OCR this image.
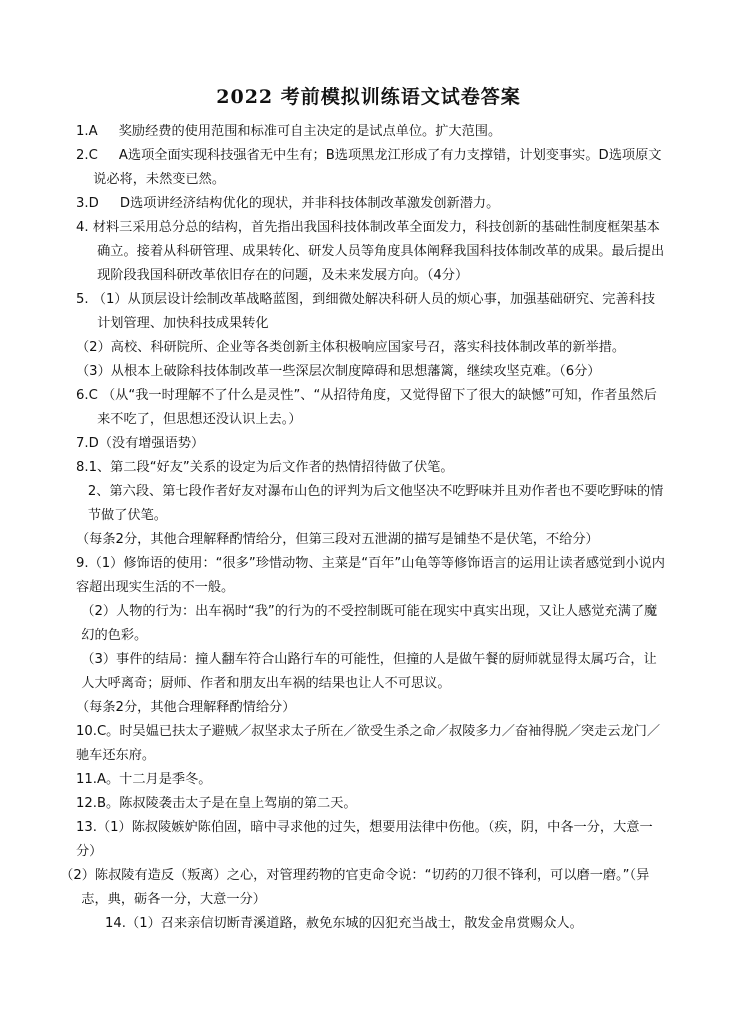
2022 考前模拟训练语文试卷答案

1.A 奖励经费的使用范围和标准可自主决定的是试点单位。扩大范围。

2.C A选项全面实现科技强省无中生有；B选项黑龙江形成了有力支撑错，计划变事实。D选项原文说必将，未然变已然。

3.D D选项讲经济结构优化的现状，并非科技体制改革激发创新潜力。

4. 材料三采用总分总的结构，首先指出我国科技体制改革全面发力，科技创新的基础性制度框架基本确立。接着从科研管理、成果转化、研发人员等角度具体阐释我国科技体制改革的成果。最后提出现阶段我国科研改革依旧存在的问题，及未来发展方向。（4分）

5. （1）从顶层设计绘制改革战略蓝图，到细微处解决科研人员的烦心事，加强基础研究、完善科技计划管理、加快科技成果转化

（2）高校、科研院所、企业等各类创新主体积极响应国家号召，落实科技体制改革的新举措。

（3）从根本上破除科技体制改革一些深层次制度障碍和思想藩篱，继续攻坚克难。（6分）

6.C （从“我一时理解不了什么是灵性”、“从招待角度，又觉得留下了很大的缺憾”可知，作者虽然后来不吃了，但思想还没认识上去。）

7.D（没有增强语势）

8.1、第二段“好友”关系的设定为后文作者的热情招待做了伏笔。

2、第六段、第七段作者好友对瀑布山色的评判为后文他坚决不吃野味并且劝作者也不要吃野味的情节做了伏笔。

（每条2分，其他合理解释酌情给分，但第三段对五泄湖的描写是铺垫不是伏笔，不给分）

9.（1）修饰语的使用：“很多”珍惜动物、主菜是“百年”山龟等等修饰语言的运用让读者感觉到小说内容超出现实生活的不一般。

（2）人物的行为：出车祸时“我”的行为的不受控制既可能在现实中真实出现，又让人感觉充满了魔幻的色彩。

（3）事件的结局：撞人翻车符合山路行车的可能性，但撞的人是做午餐的厨师就显得太属巧合，让人大呼离奇；厨师、作者和朋友出车祸的结果也让人不可思议。

（每条2分，其他合理解释酌情给分）

10.C。时吴媪已扶太子避贼／叔坚求太子所在／欲受生杀之命／叔陵多力／奋袖得脱／突走云龙门／驰车还东府。

11.A。十二月是季冬。

12.B。陈叔陵袭击太子是在皇上驾崩的第二天。

13.（1）陈叔陵嫉妒陈伯固，暗中寻求他的过失，想要用法律中伤他。（疾，阴，中各一分，大意一分）

（2）陈叔陵有造反（叛离）之心，对管理药物的官吏命令说：“切药的刀很不锋利，可以磨一磨。”（异志，典，砺各一分，大意一分）

14.（1）召来亲信切断青溪道路，赦免东城的囚犯充当战士，散发金帛赏赐众人。
